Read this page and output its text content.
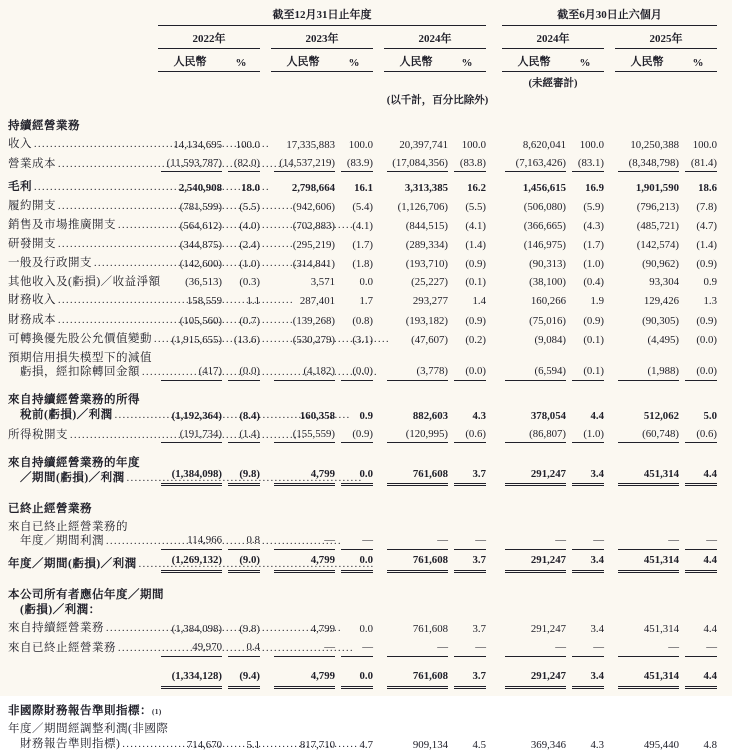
截至12月31日止年度	截至6月30日止六個月
2022年	2023年	2024年	2024年	2025年
人民幣	%	人民幣	%	人民幣	%	人民幣	%	人民幣	%
(未經審計)
(以千計，百分比除外)
持續經營業務
收入 .....	14,134,695	100.0	17,335,883	100.0	20,397,741	100.0	8,620,041	100.0	10,250,388	100.0
營業成本 .....	(11,593,787)	(82.0)	(14,537,219)	(83.9)	(17,084,356)	(83.8)	(7,163,426)	(83.1)	(8,348,798)	(81.4)
毛利 .....	2,540,908	18.0	2,798,664	16.1	3,313,385	16.2	1,456,615	16.9	1,901,590	18.6
履約開支 .....	(781,599)	(5.5)	(942,606)	(5.4)	(1,126,706)	(5.5)	(506,080)	(5.9)	(796,213)	(7.8)
銷售及市場推廣開支 .....	(564,612)	(4.0)	(702,883)	(4.1)	(844,515)	(4.1)	(366,665)	(4.3)	(485,721)	(4.7)
研發開支 .....	(344,875)	(2.4)	(295,219)	(1.7)	(289,334)	(1.4)	(146,975)	(1.7)	(142,574)	(1.4)
一般及行政開支 .....	(142,600)	(1.0)	(314,841)	(1.8)	(193,710)	(0.9)	(90,313)	(1.0)	(90,962)	(0.9)
其他收入及(虧損)／收益淨額	(36,513)	(0.3)	3,571	0.0	(25,227)	(0.1)	(38,100)	(0.4)	93,304	0.9
財務收入 .....	158,559	1.1	287,401	1.7	293,277	1.4	160,266	1.9	129,426	1.3
財務成本 .....	(105,560)	(0.7)	(139,268)	(0.8)	(193,182)	(0.9)	(75,016)	(0.9)	(90,305)	(0.9)
可轉換優先股公允價值變動 .....	(1,915,655)	(13.6)	(530,279)	(3.1)	(47,607)	(0.2)	(9,084)	(0.1)	(4,495)	(0.0)
預期信用損失模型下的減值
虧損，經扣除轉回金額 .....	(417)	(0.0)	(4,182)	(0.0)	(3,778)	(0.0)	(6,594)	(0.1)	(1,988)	(0.0)
來自持續經營業務的所得
稅前(虧損)／利潤 .....	(1,192,364)	(8.4)	160,358	0.9	882,603	4.3	378,054	4.4	512,062	5.0
所得稅開支 .....	(191,734)	(1.4)	(155,559)	(0.9)	(120,995)	(0.6)	(86,807)	(1.0)	(60,748)	(0.6)
來自持續經營業務的年度
／期間(虧損)／利潤 .....	(1,384,098)	(9.8)	4,799	0.0	761,608	3.7	291,247	3.4	451,314	4.4
已終止經營業務
來自已終止經營業務的
年度／期間利潤 .....	114,966	0.8	—	—	—	—	—	—	—	—
年度／期間(虧損)／利潤 .....	(1,269,132)	(9.0)	4,799	0.0	761,608	3.7	291,247	3.4	451,314	4.4
本公司所有者應佔年度／期間
(虧損)／利潤：
來自持續經營業務 .....	(1,384,098)	(9.8)	4,799	0.0	761,608	3.7	291,247	3.4	451,314	4.4
來自已終止經營業務 .....	49,970	0.4	—	—	—	—	—	—	—	—
(1,334,128)	(9.4)	4,799	0.0	761,608	3.7	291,247	3.4	451,314	4.4
非國際財務報告準則指標： (1)
年度／期間經調整利潤(非國際
財務報告準則指標) .....	714,670	5.1	817,710	4.7	909,134	4.5	369,346	4.3	495,440	4.8
